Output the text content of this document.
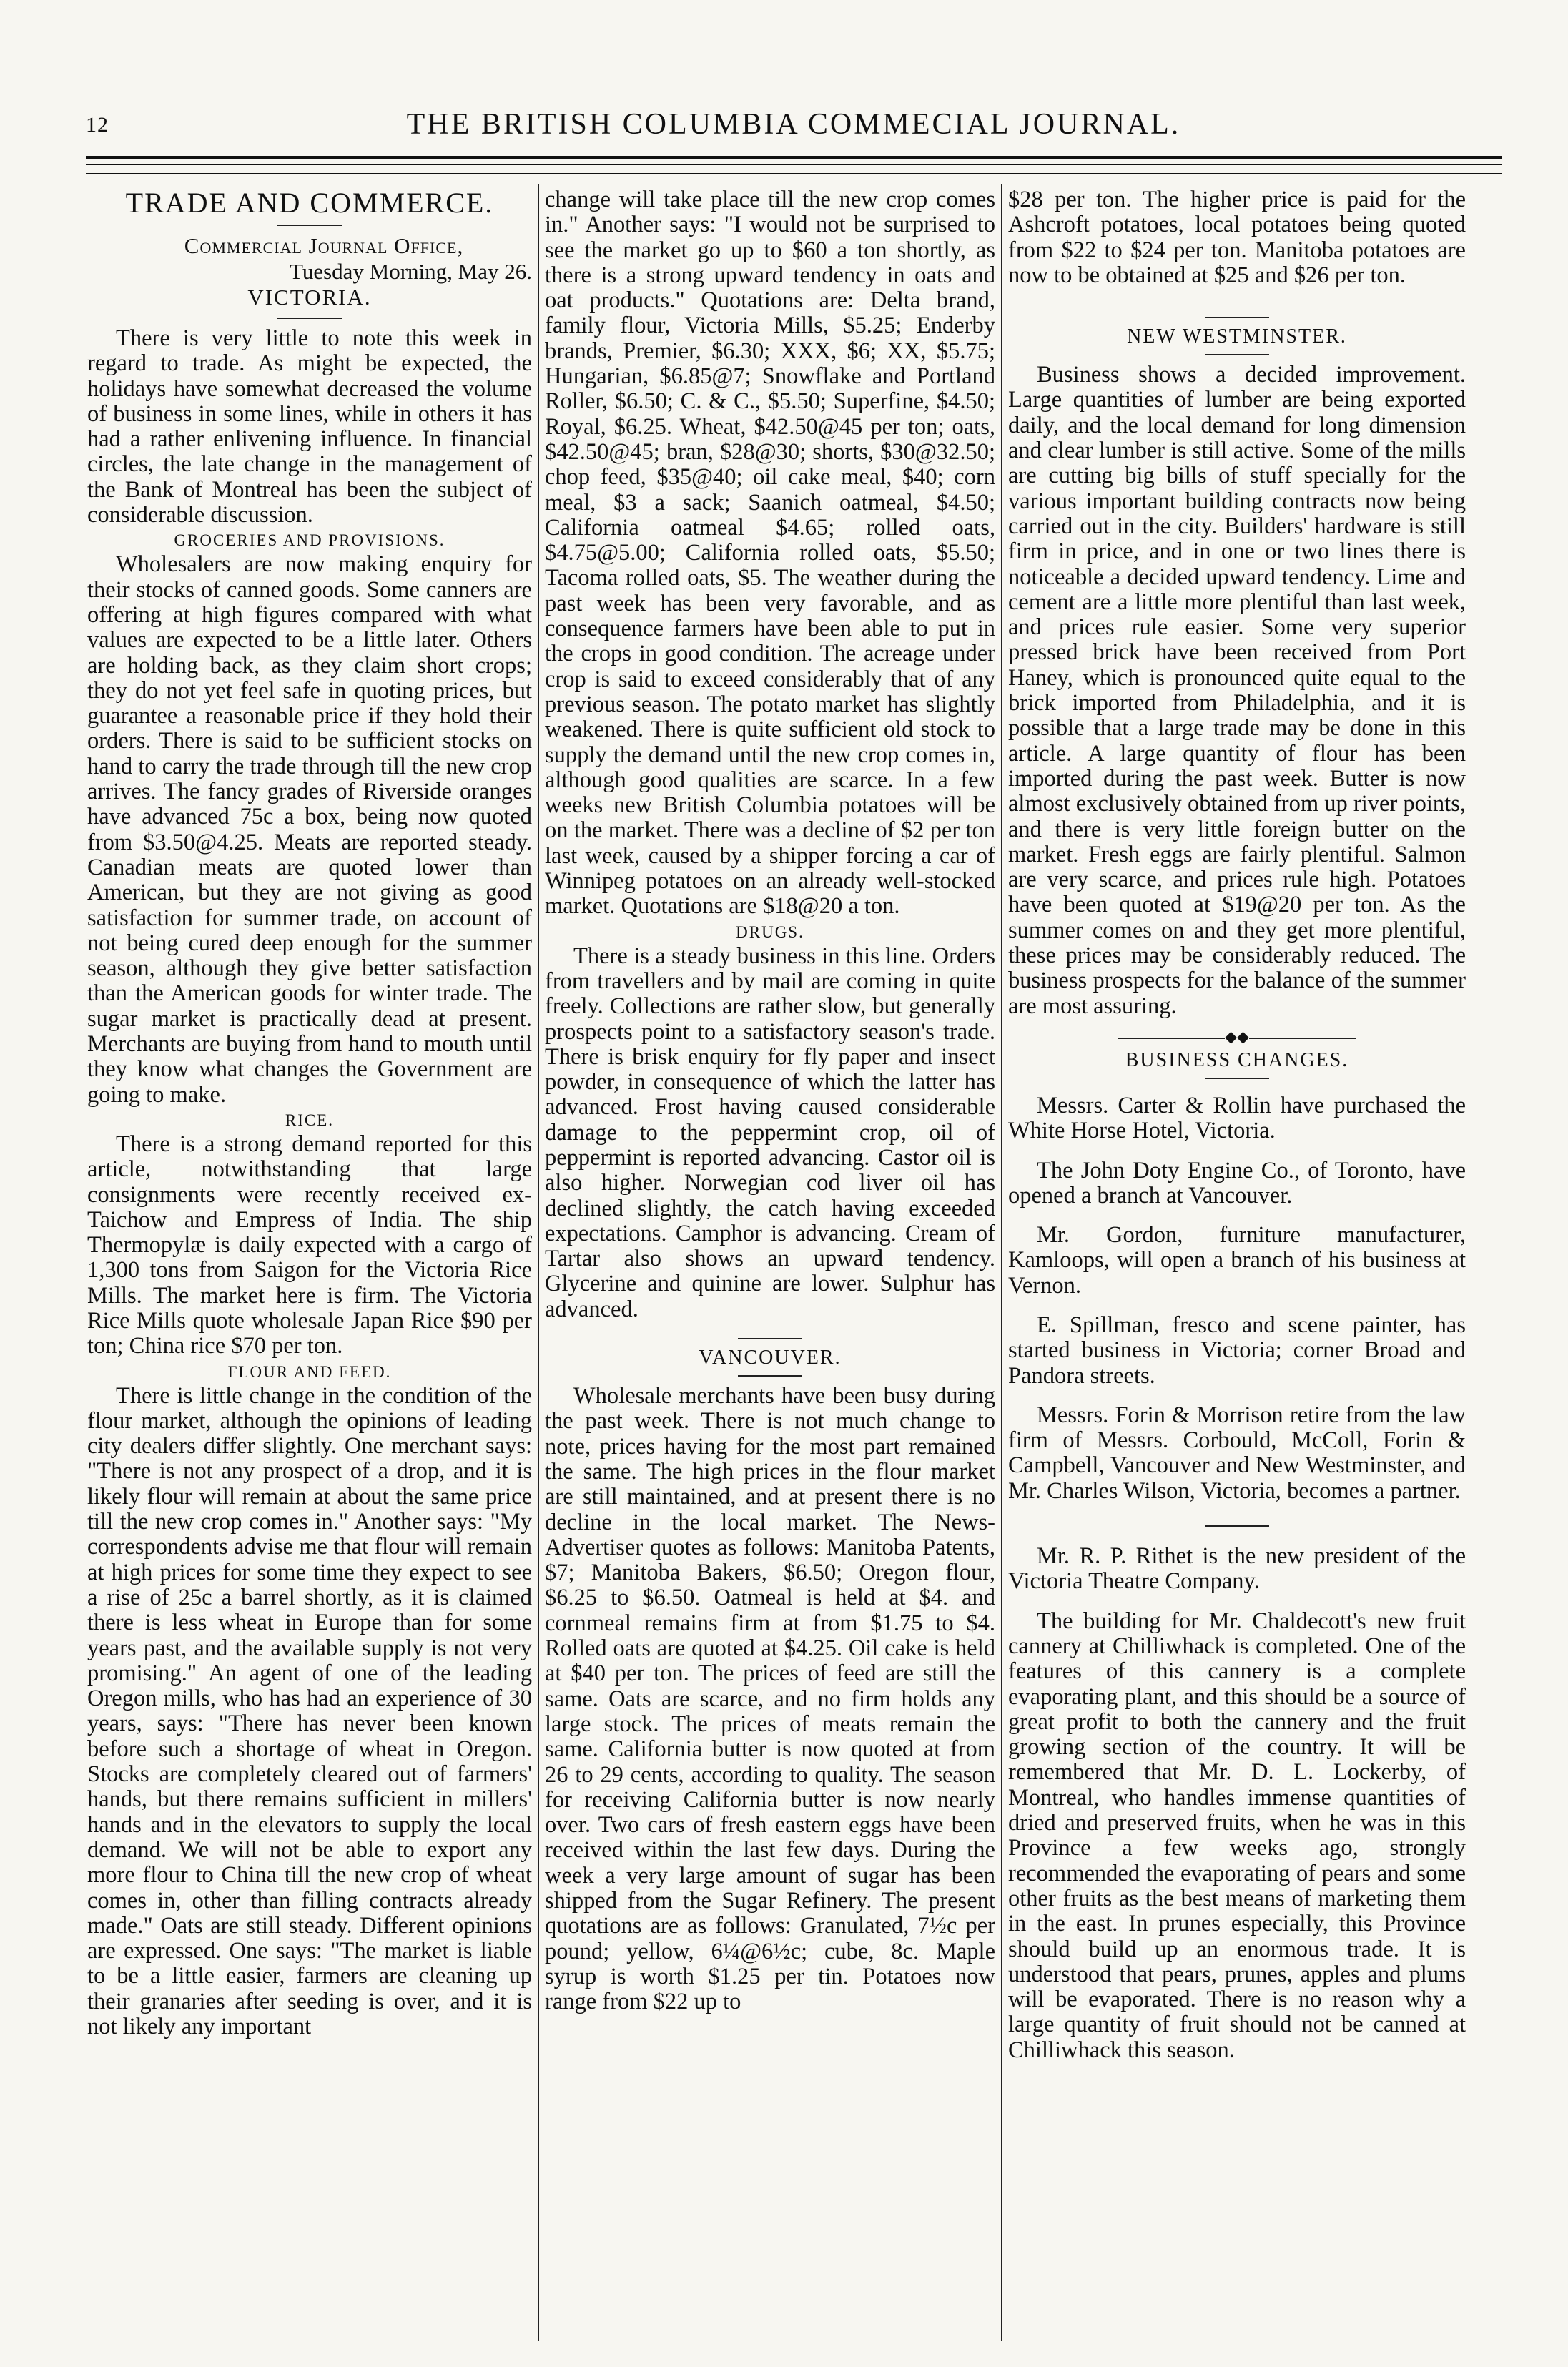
12	THE BRITISH COLUMBIA COMMECIAL JOURNAL.
TRADE AND COMMERCE.

Commercial Journal Office,

Tuesday Morning, May 26.

VICTORIA.

There is very little to note this week in regard to trade. As might be expected, the holidays have somewhat decreased the volume of business in some lines, while in others it has had a rather enlivening influence. In financial circles, the late change in the management of the Bank of Montreal has been the subject of considerable discussion.

GROCERIES AND PROVISIONS.

Wholesalers are now making enquiry for their stocks of canned goods. Some canners are offering at high figures compared with what values are expected to be a little later. Others are holding back, as they claim short crops; they do not yet feel safe in quoting prices, but guarantee a reasonable price if they hold their orders. There is said to be sufficient stocks on hand to carry the trade through till the new crop arrives. The fancy grades of Riverside oranges have advanced 75c a box, being now quoted from $3.50@4.25. Meats are reported steady. Canadian meats are quoted lower than American, but they are not giving as good satisfaction for summer trade, on account of not being cured deep enough for the summer season, although they give better satisfaction than the American goods for winter trade. The sugar market is practically dead at present. Merchants are buying from hand to mouth until they know what changes the Government are going to make.

RICE.

There is a strong demand reported for this article, notwithstanding that large consignments were recently received ex-Taichow and Empress of India. The ship Thermopylæ is daily expected with a cargo of 1,300 tons from Saigon for the Victoria Rice Mills. The market here is firm. The Victoria Rice Mills quote wholesale Japan Rice $90 per ton; China rice $70 per ton.

FLOUR AND FEED.

There is little change in the condition of the flour market, although the opinions of leading city dealers differ slightly. One merchant says: "There is not any prospect of a drop, and it is likely flour will remain at about the same price till the new crop comes in." Another says: "My correspondents advise me that flour will remain at high prices for some time they expect to see a rise of 25c a barrel shortly, as it is claimed there is less wheat in Europe than for some years past, and the available supply is not very promising." An agent of one of the leading Oregon mills, who has had an experience of 30 years, says: "There has never been known before such a shortage of wheat in Oregon. Stocks are completely cleared out of farmers' hands, but there remains sufficient in millers' hands and in the elevators to supply the local demand. We will not be able to export any more flour to China till the new crop of wheat comes in, other than filling contracts already made." Oats are still steady. Different opinions are expressed. One says: "The market is liable to be a little easier, farmers are cleaning up their granaries after seeding is over, and it is not likely any important

change will take place till the new crop comes in." Another says: "I would not be surprised to see the market go up to $60 a ton shortly, as there is a strong upward tendency in oats and oat products." Quotations are: Delta brand, family flour, Victoria Mills, $5.25; Enderby brands, Premier, $6.30; XXX, $6; XX, $5.75; Hungarian, $6.85@7; Snowflake and Portland Roller, $6.50; C. & C., $5.50; Superfine, $4.50; Royal, $6.25. Wheat, $42.50@45 per ton; oats, $42.50@45; bran, $28@30; shorts, $30@32.50; chop feed, $35@40; oil cake meal, $40; corn meal, $3 a sack; Saanich oatmeal, $4.50; California oatmeal $4.65; rolled oats, $4.75@5.00; California rolled oats, $5.50; Tacoma rolled oats, $5. The weather during the past week has been very favorable, and as consequence farmers have been able to put in the crops in good condition. The acreage under crop is said to exceed considerably that of any previous season. The potato market has slightly weakened. There is quite sufficient old stock to supply the demand until the new crop comes in, although good qualities are scarce. In a few weeks new British Columbia potatoes will be on the market. There was a decline of $2 per ton last week, caused by a shipper forcing a car of Winnipeg potatoes on an already well-stocked market. Quotations are $18@20 a ton.

DRUGS.

There is a steady business in this line. Orders from travellers and by mail are coming in quite freely. Collections are rather slow, but generally prospects point to a satisfactory season's trade. There is brisk enquiry for fly paper and insect powder, in consequence of which the latter has advanced. Frost having caused considerable damage to the peppermint crop, oil of peppermint is reported advancing. Castor oil is also higher. Norwegian cod liver oil has declined slightly, the catch having exceeded expectations. Camphor is advancing. Cream of Tartar also shows an upward tendency. Glycerine and quinine are lower. Sulphur has advanced.

VANCOUVER.

Wholesale merchants have been busy during the past week. There is not much change to note, prices having for the most part remained the same. The high prices in the flour market are still maintained, and at present there is no decline in the local market. The News-Advertiser quotes as follows: Manitoba Patents, $7; Manitoba Bakers, $6.50; Oregon flour, $6.25 to $6.50. Oatmeal is held at $4. and cornmeal remains firm at from $1.75 to $4. Rolled oats are quoted at $4.25. Oil cake is held at $40 per ton. The prices of feed are still the same. Oats are scarce, and no firm holds any large stock. The prices of meats remain the same. California butter is now quoted at from 26 to 29 cents, according to quality. The season for receiving California butter is now nearly over. Two cars of fresh eastern eggs have been received within the last few days. During the week a very large amount of sugar has been shipped from the Sugar Refinery. The present quotations are as follows: Granulated, 7½c per pound; yellow, 6¼@6½c; cube, 8c. Maple syrup is worth $1.25 per tin. Potatoes now range from $22 up to

$28 per ton. The higher price is paid for the Ashcroft potatoes, local potatoes being quoted from $22 to $24 per ton. Manitoba potatoes are now to be obtained at $25 and $26 per ton.

NEW WESTMINSTER.

Business shows a decided improvement. Large quantities of lumber are being exported daily, and the local demand for long dimension and clear lumber is still active. Some of the mills are cutting big bills of stuff specially for the various important building contracts now being carried out in the city. Builders' hardware is still firm in price, and in one or two lines there is noticeable a decided upward tendency. Lime and cement are a little more plentiful than last week, and prices rule easier. Some very superior pressed brick have been received from Port Haney, which is pronounced quite equal to the brick imported from Philadelphia, and it is possible that a large trade may be done in this article. A large quantity of flour has been imported during the past week. Butter is now almost exclusively obtained from up river points, and there is very little foreign butter on the market. Fresh eggs are fairly plentiful. Salmon are very scarce, and prices rule high. Potatoes have been quoted at $19@20 per ton. As the summer comes on and they get more plentiful, these prices may be considerably reduced. The business prospects for the balance of the summer are most assuring.

◆◆
BUSINESS CHANGES.

Messrs. Carter & Rollin have purchased the White Horse Hotel, Victoria.

The John Doty Engine Co., of Toronto, have opened a branch at Vancouver.

Mr. Gordon, furniture manufacturer, Kamloops, will open a branch of his business at Vernon.

E. Spillman, fresco and scene painter, has started business in Victoria; corner Broad and Pandora streets.

Messrs. Forin & Morrison retire from the law firm of Messrs. Corbould, McColl, Forin & Campbell, Vancouver and New Westminster, and Mr. Charles Wilson, Victoria, becomes a partner.

Mr. R. P. Rithet is the new president of the Victoria Theatre Company.

The building for Mr. Chaldecott's new fruit cannery at Chilliwhack is completed. One of the features of this cannery is a complete evaporating plant, and this should be a source of great profit to both the cannery and the fruit growing section of the country. It will be remembered that Mr. D. L. Lockerby, of Montreal, who handles immense quantities of dried and preserved fruits, when he was in this Province a few weeks ago, strongly recommended the evaporating of pears and some other fruits as the best means of marketing them in the east. In prunes especially, this Province should build up an enormous trade. It is understood that pears, prunes, apples and plums will be evaporated. There is no reason why a large quantity of fruit should not be canned at Chilliwhack this season.
